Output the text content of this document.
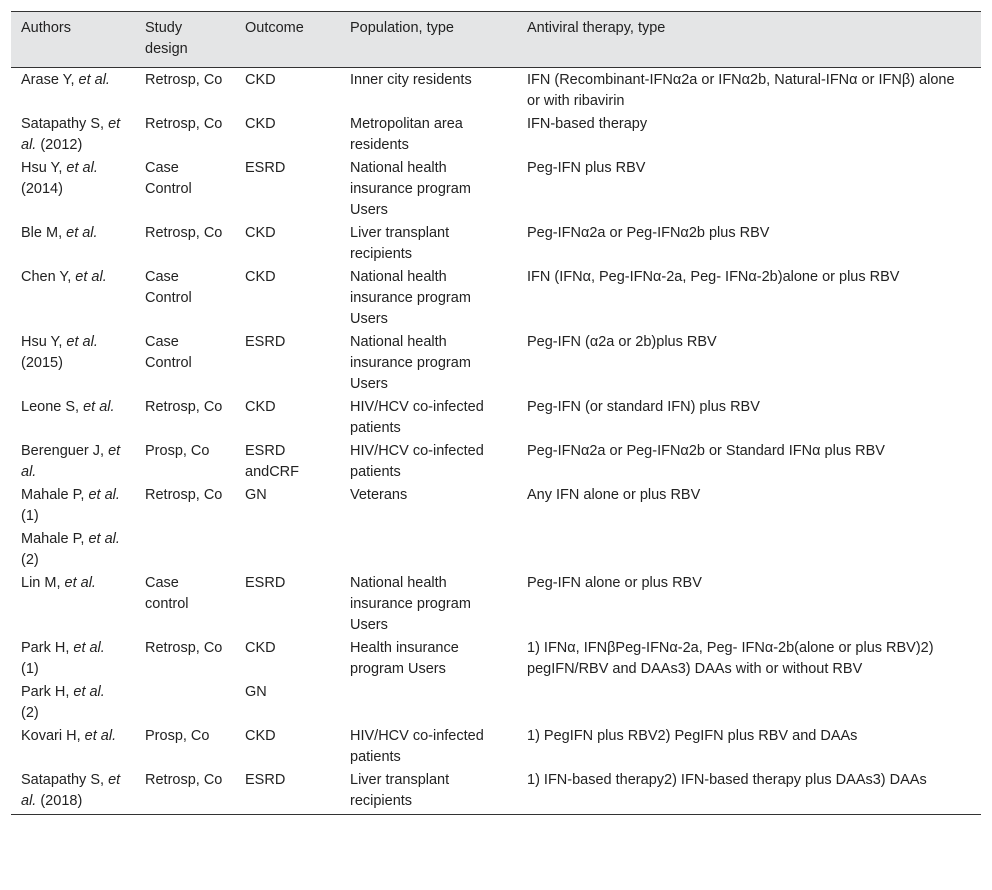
Authors	Study design	Outcome	Population, type	Antiviral therapy, type
Arase Y, et al.	Retrosp, Co	CKD	Inner city residents	IFN (Recombinant-IFNα2a or IFNα2b, Natural-IFNα or IFNβ) alone or with ribavirin
Satapathy S, et al. (2012)	Retrosp, Co	CKD	Metropolitan area residents	IFN-based therapy
Hsu Y, et al. (2014)	Case Control	ESRD	National health insurance program Users	Peg-IFN plus RBV
Ble M, et al.	Retrosp, Co	CKD	Liver transplant recipients	Peg-IFNα2a or Peg-IFNα2b plus RBV
Chen Y, et al.	Case Control	CKD	National health insurance program Users	IFN (IFNα, Peg-IFNα-2a, Peg- IFNα-2b)alone or plus RBV
Hsu Y, et al. (2015)	Case Control	ESRD	National health insurance program Users	Peg-IFN (α2a or 2b)plus RBV
Leone S, et al.	Retrosp, Co	CKD	HIV/HCV co-infected patients	Peg-IFN (or standard IFN) plus RBV
Berenguer J, et al.	Prosp, Co	ESRD andCRF	HIV/HCV co-infected patients	Peg-IFNα2a or Peg-IFNα2b or Standard IFNα plus RBV
Mahale P, et al. (1)	Retrosp, Co	GN	Veterans	Any IFN alone or plus RBV
Mahale P, et al. (2)				
Lin M, et al.	Case control	ESRD	National health insurance program Users	Peg-IFN alone or plus RBV
Park H, et al. (1)	Retrosp, Co	CKD	Health insurance program Users	1) IFNα, IFNβPeg-IFNα-2a, Peg- IFNα-2b(alone or plus RBV)2) pegIFN/RBV and DAAs3) DAAs with or without RBV
Park H, et al. (2)		GN		
Kovari H, et al.	Prosp, Co	CKD	HIV/HCV co-infected patients	1) PegIFN plus RBV2) PegIFN plus RBV and DAAs
Satapathy S, et al. (2018)	Retrosp, Co	ESRD	Liver transplant recipients	1) IFN-based therapy2) IFN-based therapy plus DAAs3) DAAs
